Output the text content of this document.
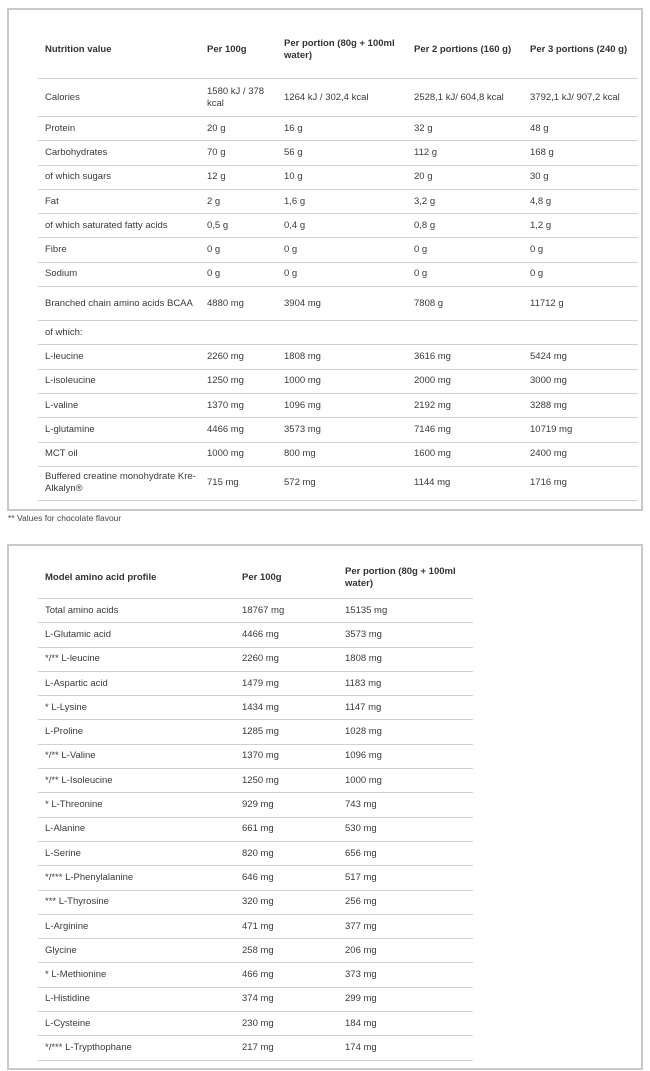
Nutrition value	Per 100g	Per portion (80g + 100ml water)	Per 2 portions (160 g)	Per 3 portions (240 g)
Calories	1580 kJ / 378 kcal	1264 kJ / 302,4 kcal	2528,1 kJ/ 604,8 kcal	3792,1 kJ/ 907,2 kcal
Protein	20 g	16 g	32 g	48 g
Carbohydrates	70 g	56 g	112 g	168 g
of which sugars	12 g	10 g	20 g	30 g
Fat	2 g	1,6 g	3,2 g	4,8 g
of which saturated fatty acids	0,5 g	0,4 g	0,8 g	1,2 g
Fibre	0 g	0 g	0 g	0 g
Sodium	0 g	0 g	0 g	0 g
Branched chain amino acids BCAA	4880 mg	3904 mg	7808 g	11712 g
of which:				
L-leucine	2260 mg	1808 mg	3616 mg	5424 mg
L-isoleucine	1250 mg	1000 mg	2000 mg	3000 mg
L-valine	1370 mg	1096 mg	2192 mg	3288 mg
L-glutamine	4466 mg	3573 mg	7146 mg	10719 mg
MCT oil	1000 mg	800 mg	1600 mg	2400 mg
Buffered creatine monohydrate Kre-Alkalyn®	715 mg	572 mg	1144 mg	1716 mg
** Values for chocolate flavour
Model amino acid profile	Per 100g	Per portion (80g + 100ml water)
Total amino acids	18767 mg	15135 mg
L-Glutamic acid	4466 mg	3573 mg
*/** L-leucine	2260 mg	1808 mg
L-Aspartic acid	1479 mg	1183 mg
* L-Lysine	1434 mg	1147 mg
L-Proline	1285 mg	1028 mg
*/** L-Valine	1370 mg	1096 mg
*/** L-Isoleucine	1250 mg	1000 mg
* L-Threonine	929 mg	743 mg
L-Alanine	661 mg	530 mg
L-Serine	820 mg	656 mg
*/*** L-Phenylalanine	646 mg	517 mg
*** L-Thyrosine	320 mg	256 mg
L-Arginine	471 mg	377 mg
Glycine	258 mg	206 mg
* L-Methionine	466 mg	373 mg
L-Histidine	374 mg	299 mg
L-Cysteine	230 mg	184 mg
*/*** L-Trypthophane	217 mg	174 mg
